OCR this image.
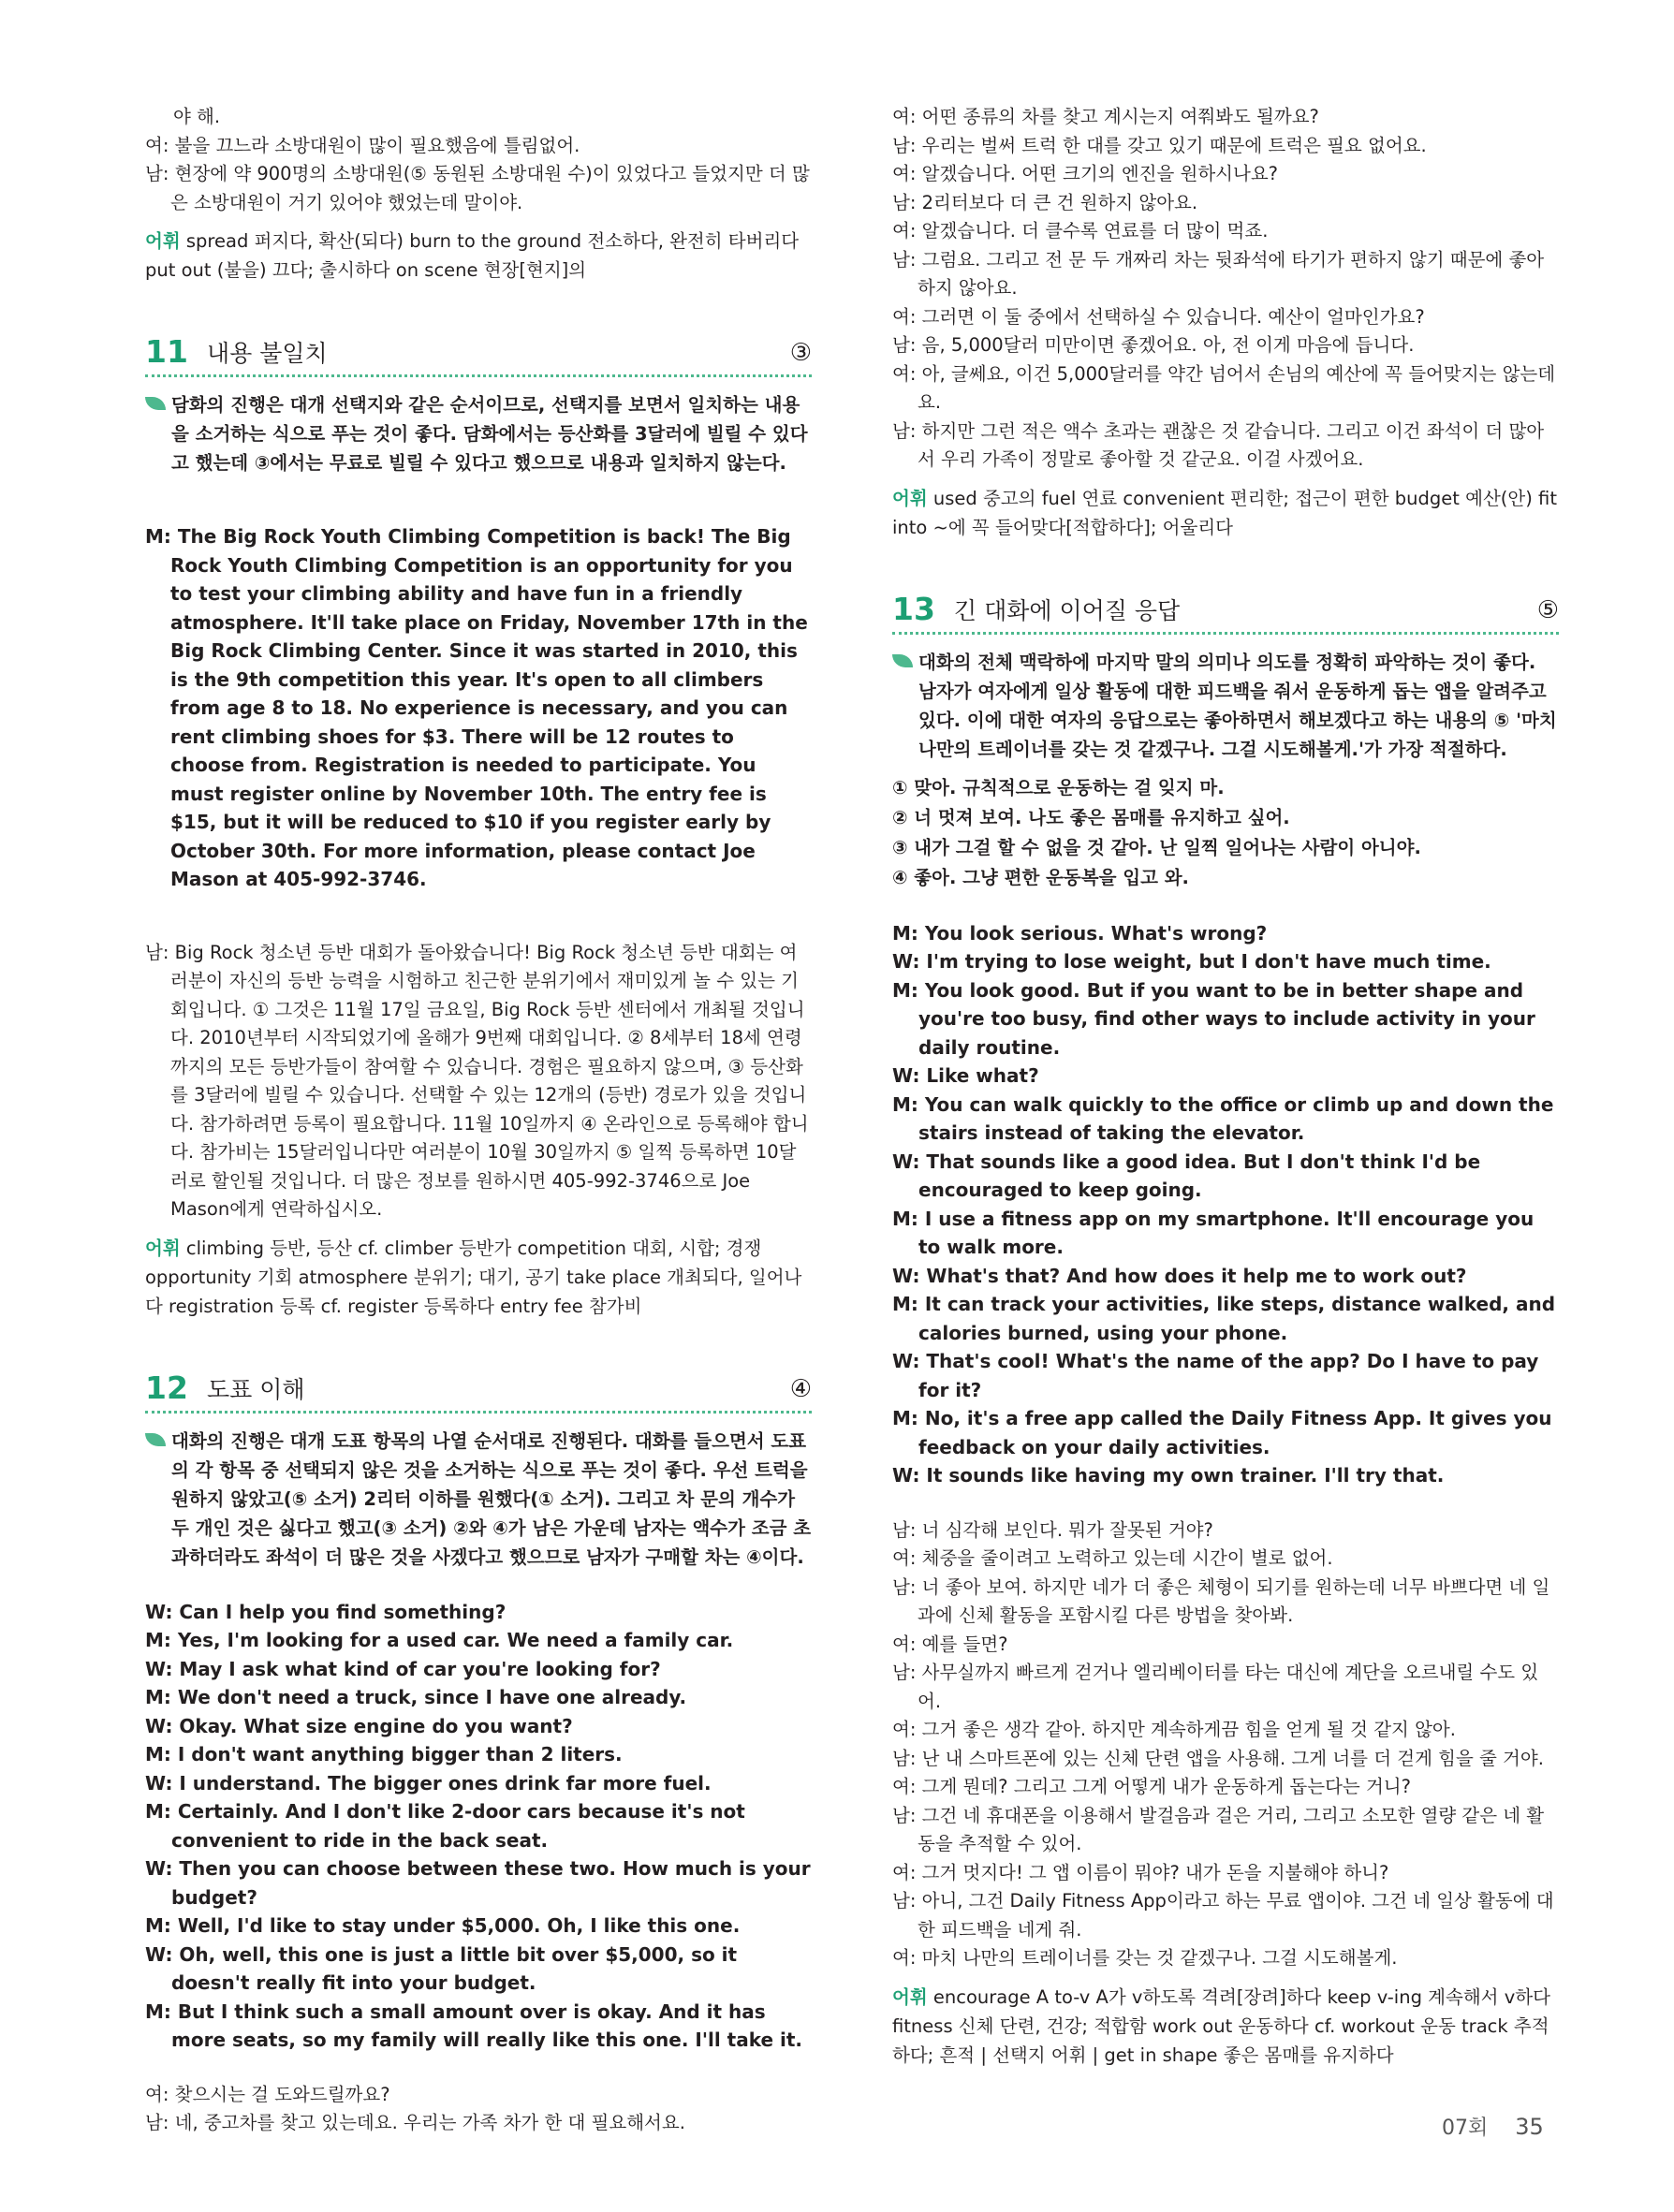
야 해.

여: 불을 끄느라 소방대원이 많이 필요했음에 틀림없어.

남: 현장에 약 900명의 소방대원(⑤ 동원된 소방대원 수)이 있었다고 들었지만 더 많은 소방대원이 거기 있어야 했었는데 말이야.

어휘 spread 퍼지다, 확산(되다) burn to the ground 전소하다, 완전히 타버리다 put out (불을) 끄다; 출시하다 on scene 현장[현지]의

11 내용 불일치	③
담화의 진행은 대개 선택지와 같은 순서이므로, 선택지를 보면서 일치하는 내용을 소거하는 식으로 푸는 것이 좋다. 담화에서는 등산화를 3달러에 빌릴 수 있다고 했는데 ③에서는 무료로 빌릴 수 있다고 했으므로 내용과 일치하지 않는다.

M: The Big Rock Youth Climbing Competition is back! The Big Rock Youth Climbing Competition is an opportunity for you to test your climbing ability and have fun in a friendly atmosphere. It'll take place on Friday, November 17th in the Big Rock Climbing Center. Since it was started in 2010, this is the 9th competition this year. It's open to all climbers from age 8 to 18. No experience is necessary, and you can rent climbing shoes for $3. There will be 12 routes to choose from. Registration is needed to participate. You must register online by November 10th. The entry fee is $15, but it will be reduced to $10 if you register early by October 30th. For more information, please contact Joe Mason at 405-992-3746.

남: Big Rock 청소년 등반 대회가 돌아왔습니다! Big Rock 청소년 등반 대회는 여러분이 자신의 등반 능력을 시험하고 친근한 분위기에서 재미있게 놀 수 있는 기회입니다. ① 그것은 11월 17일 금요일, Big Rock 등반 센터에서 개최될 것입니다. 2010년부터 시작되었기에 올해가 9번째 대회입니다. ② 8세부터 18세 연령까지의 모든 등반가들이 참여할 수 있습니다. 경험은 필요하지 않으며, ③ 등산화를 3달러에 빌릴 수 있습니다. 선택할 수 있는 12개의 (등반) 경로가 있을 것입니다. 참가하려면 등록이 필요합니다. 11월 10일까지 ④ 온라인으로 등록해야 합니다. 참가비는 15달러입니다만 여러분이 10월 30일까지 ⑤ 일찍 등록하면 10달러로 할인될 것입니다. 더 많은 정보를 원하시면 405-992-3746으로 Joe Mason에게 연락하십시오.

어휘 climbing 등반, 등산 cf. climber 등반가 competition 대회, 시합; 경쟁 opportunity 기회 atmosphere 분위기; 대기, 공기 take place 개최되다, 일어나다 registration 등록 cf. register 등록하다 entry fee 참가비

12 도표 이해	④
대화의 진행은 대개 도표 항목의 나열 순서대로 진행된다. 대화를 들으면서 도표의 각 항목 중 선택되지 않은 것을 소거하는 식으로 푸는 것이 좋다. 우선 트럭을 원하지 않았고(⑤ 소거) 2리터 이하를 원했다(① 소거). 그리고 차 문의 개수가 두 개인 것은 싫다고 했고(③ 소거) ②와 ④가 남은 가운데 남자는 액수가 조금 초과하더라도 좌석이 더 많은 것을 사겠다고 했으므로 남자가 구매할 차는 ④이다.
W: Can I help you find something?
M: Yes, I'm looking for a used car. We need a family car.
W: May I ask what kind of car you're looking for?
M: We don't need a truck, since I have one already.
W: Okay. What size engine do you want?
M: I don't want anything bigger than 2 liters.
W: I understand. The bigger ones drink far more fuel.
M: Certainly. And I don't like 2-door cars because it's not convenient to ride in the back seat.
W: Then you can choose between these two. How much is your budget?
M: Well, I'd like to stay under $5,000. Oh, I like this one.
W: Oh, well, this one is just a little bit over $5,000, so it doesn't really fit into your budget.
M: But I think such a small amount over is okay. And it has more seats, so my family will really like this one. I'll take it.

여: 찾으시는 걸 도와드릴까요?

남: 네, 중고차를 찾고 있는데요. 우리는 가족 차가 한 대 필요해서요.

여: 어떤 종류의 차를 찾고 계시는지 여쭤봐도 될까요?

남: 우리는 벌써 트럭 한 대를 갖고 있기 때문에 트럭은 필요 없어요.

여: 알겠습니다. 어떤 크기의 엔진을 원하시나요?

남: 2리터보다 더 큰 건 원하지 않아요.

여: 알겠습니다. 더 클수록 연료를 더 많이 먹죠.

남: 그럼요. 그리고 전 문 두 개짜리 차는 뒷좌석에 타기가 편하지 않기 때문에 좋아하지 않아요.

여: 그러면 이 둘 중에서 선택하실 수 있습니다. 예산이 얼마인가요?

남: 음, 5,000달러 미만이면 좋겠어요. 아, 전 이게 마음에 듭니다.

여: 아, 글쎄요, 이건 5,000달러를 약간 넘어서 손님의 예산에 꼭 들어맞지는 않는데요.

남: 하지만 그런 적은 액수 초과는 괜찮은 것 같습니다. 그리고 이건 좌석이 더 많아서 우리 가족이 정말로 좋아할 것 같군요. 이걸 사겠어요.

어휘 used 중고의 fuel 연료 convenient 편리한; 접근이 편한 budget 예산(안) fit into ~에 꼭 들어맞다[적합하다]; 어울리다

13 긴 대화에 이어질 응답	⑤
대화의 전체 맥락하에 마지막 말의 의미나 의도를 정확히 파악하는 것이 좋다. 남자가 여자에게 일상 활동에 대한 피드백을 줘서 운동하게 돕는 앱을 알려주고 있다. 이에 대한 여자의 응답으로는 좋아하면서 해보겠다고 하는 내용의 ⑤ '마치 나만의 트레이너를 갖는 것 같겠구나. 그걸 시도해볼게.'가 가장 적절하다.
① 맞아. 규칙적으로 운동하는 걸 잊지 마.
② 너 멋져 보여. 나도 좋은 몸매를 유지하고 싶어.
③ 내가 그걸 할 수 없을 것 같아. 난 일찍 일어나는 사람이 아니야.
④ 좋아. 그냥 편한 운동복을 입고 와.
M: You look serious. What's wrong?
W: I'm trying to lose weight, but I don't have much time.
M: You look good. But if you want to be in better shape and you're too busy, find other ways to include activity in your daily routine.
W: Like what?
M: You can walk quickly to the office or climb up and down the stairs instead of taking the elevator.
W: That sounds like a good idea. But I don't think I'd be encouraged to keep going.
M: I use a fitness app on my smartphone. It'll encourage you to walk more.
W: What's that? And how does it help me to work out?
M: It can track your activities, like steps, distance walked, and calories burned, using your phone.
W: That's cool! What's the name of the app? Do I have to pay for it?
M: No, it's a free app called the Daily Fitness App. It gives you feedback on your daily activities.
W: It sounds like having my own trainer. I'll try that.

남: 너 심각해 보인다. 뭐가 잘못된 거야?

여: 체중을 줄이려고 노력하고 있는데 시간이 별로 없어.

남: 너 좋아 보여. 하지만 네가 더 좋은 체형이 되기를 원하는데 너무 바쁘다면 네 일과에 신체 활동을 포함시킬 다른 방법을 찾아봐.

여: 예를 들면?

남: 사무실까지 빠르게 걷거나 엘리베이터를 타는 대신에 계단을 오르내릴 수도 있어.

여: 그거 좋은 생각 같아. 하지만 계속하게끔 힘을 얻게 될 것 같지 않아.

남: 난 내 스마트폰에 있는 신체 단련 앱을 사용해. 그게 너를 더 걷게 힘을 줄 거야.

여: 그게 뭔데? 그리고 그게 어떻게 내가 운동하게 돕는다는 거니?

남: 그건 네 휴대폰을 이용해서 발걸음과 걸은 거리, 그리고 소모한 열량 같은 네 활동을 추적할 수 있어.

여: 그거 멋지다! 그 앱 이름이 뭐야? 내가 돈을 지불해야 하니?

남: 아니, 그건 Daily Fitness App이라고 하는 무료 앱이야. 그건 네 일상 활동에 대한 피드백을 네게 줘.

여: 마치 나만의 트레이너를 갖는 것 같겠구나. 그걸 시도해볼게.

어휘 encourage A to-v A가 v하도록 격려[장려]하다 keep v-ing 계속해서 v하다 fitness 신체 단련, 건강; 적합함 work out 운동하다 cf. workout 운동 track 추적하다; 흔적 | 선택지 어휘 | get in shape 좋은 몸매를 유지하다

07회 35
